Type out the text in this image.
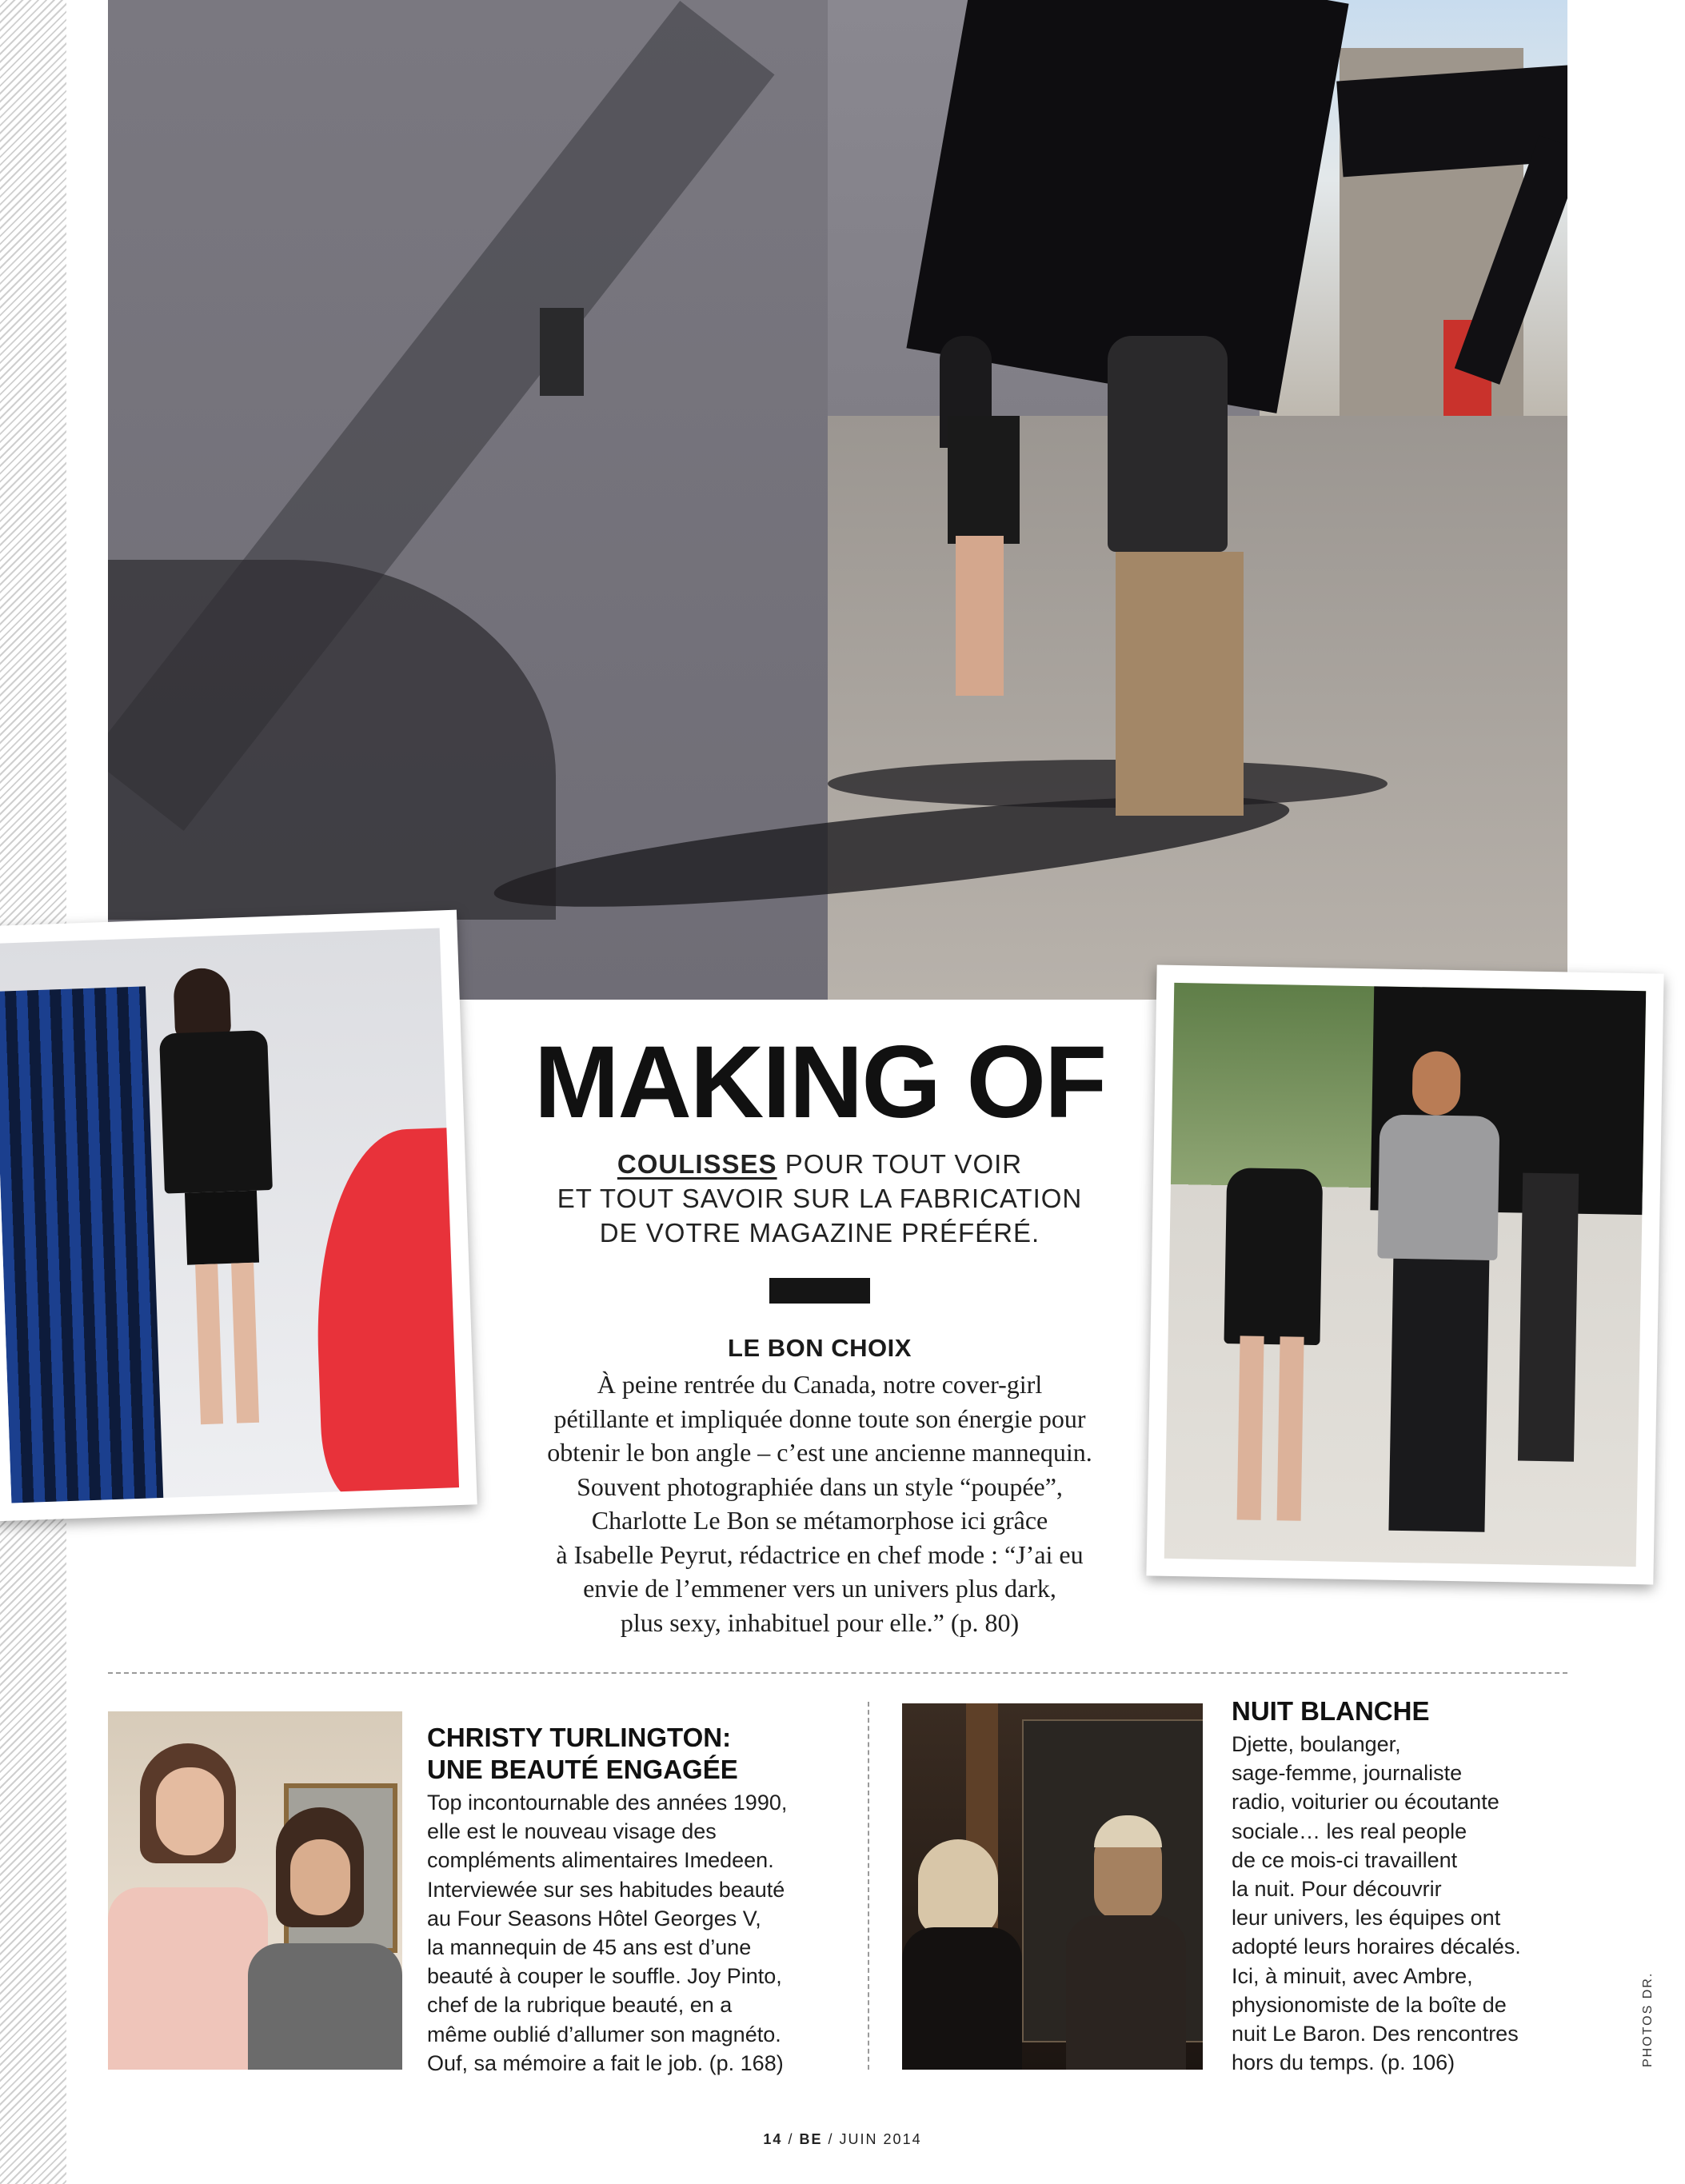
MAKING OF
COULISSES POUR TOUT VOIR
ET TOUT SAVOIR SUR LA FABRICATION
DE VOTRE MAGAZINE PRÉFÉRÉ.
LE BON CHOIX
À peine rentrée du Canada, notre cover-girl
pétillante et impliquée donne toute son énergie pour
obtenir le bon angle – c’est une ancienne mannequin.
Souvent photographiée dans un style “poupée”,
Charlotte Le Bon se métamorphose ici grâce
à Isabelle Peyrut, rédactrice en chef mode : “J’ai eu
envie de l’emmener vers un univers plus dark,
plus sexy, inhabituel pour elle.” (p. 80)
CHRISTY TURLINGTON:
UNE BEAUTÉ ENGAGÉE
Top incontournable des années 1990,
elle est le nouveau visage des
compléments alimentaires Imedeen.
Interviewée sur ses habitudes beauté
au Four Seasons Hôtel Georges V,
la mannequin de 45 ans est d’une
beauté à couper le souffle. Joy Pinto,
chef de la rubrique beauté, en a
même oublié d’allumer son magnéto.
Ouf, sa mémoire a fait le job. (p. 168)
NUIT BLANCHE
Djette, boulanger,
sage-femme, journaliste
radio, voiturier ou écoutante
sociale… les real people
de ce mois-ci travaillent
la nuit. Pour découvrir
leur univers, les équipes ont
adopté leurs horaires décalés.
Ici, à minuit, avec Ambre,
physionomiste de la boîte de
nuit Le Baron. Des rencontres
hors du temps. (p. 106)	PHOTOS DR.
14 / BE / JUIN 2014
